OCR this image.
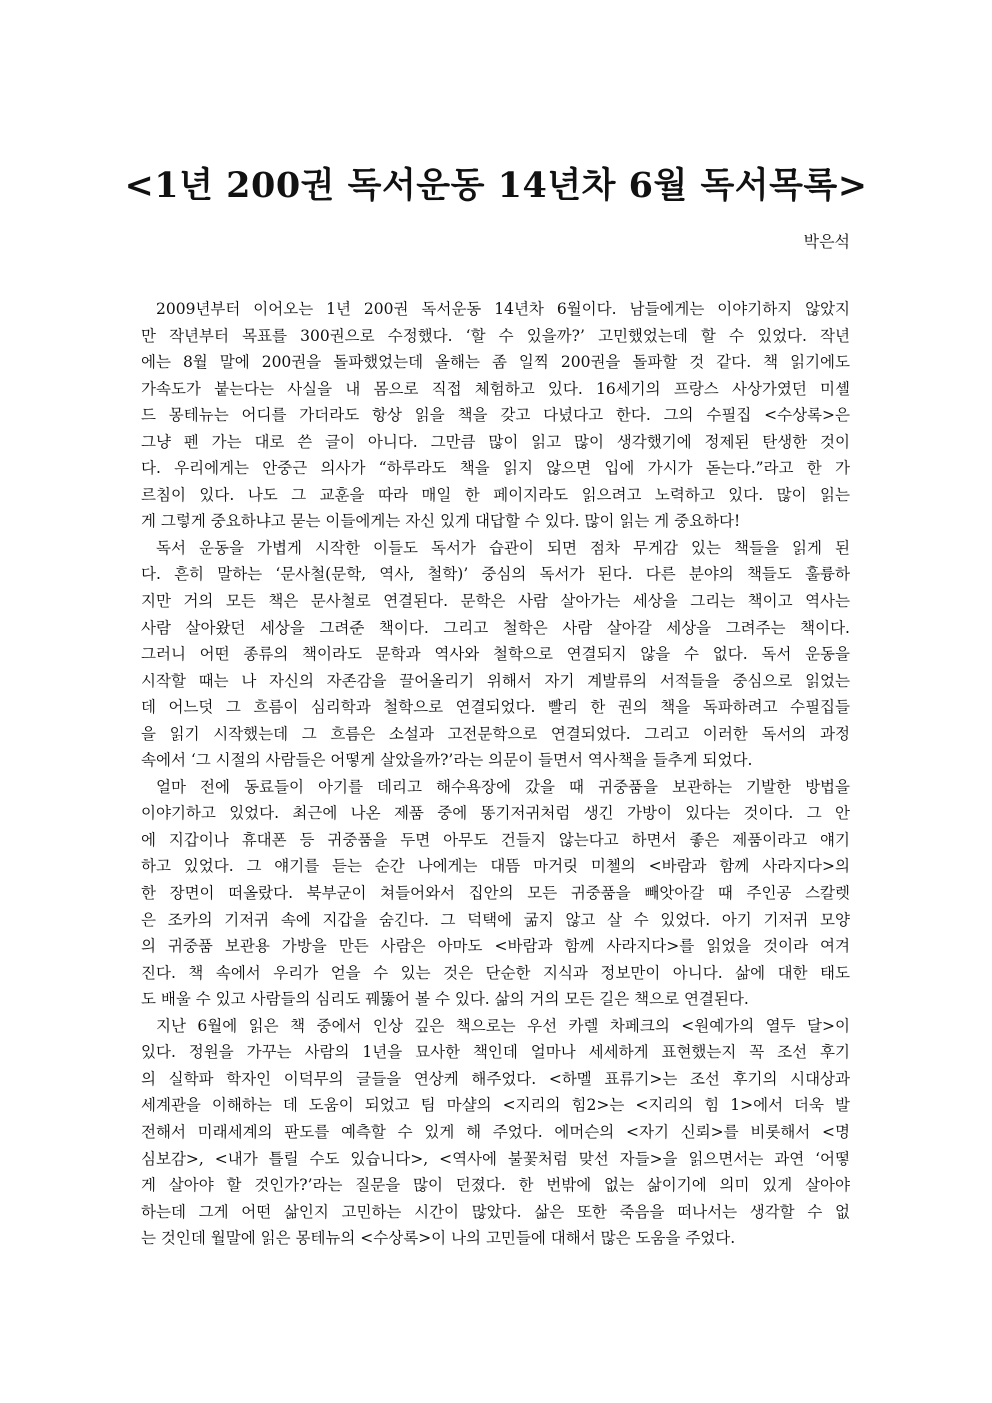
<1년 200권 독서운동 14년차 6월 독서목록>
박은석
2009년부터 이어오는 1년 200권 독서운동 14년차 6월이다. 남들에게는 이야기하지 않았지
만 작년부터 목표를 300권으로 수정했다. ‘할 수 있을까?’ 고민했었는데 할 수 있었다. 작년
에는 8월 말에 200권을 돌파했었는데 올해는 좀 일찍 200권을 돌파할 것 같다. 책 읽기에도
가속도가 붙는다는 사실을 내 몸으로 직접 체험하고 있다. 16세기의 프랑스 사상가였던 미셸
드 몽테뉴는 어디를 가더라도 항상 읽을 책을 갖고 다녔다고 한다. 그의 수필집 <수상록>은
그냥 펜 가는 대로 쓴 글이 아니다. 그만큼 많이 읽고 많이 생각했기에 정제된 탄생한 것이
다. 우리에게는 안중근 의사가 “하루라도 책을 읽지 않으면 입에 가시가 돋는다.”라고 한 가
르침이 있다. 나도 그 교훈을 따라 매일 한 페이지라도 읽으려고 노력하고 있다. 많이 읽는
게 그렇게 중요하냐고 묻는 이들에게는 자신 있게 대답할 수 있다. 많이 읽는 게 중요하다!
독서 운동을 가볍게 시작한 이들도 독서가 습관이 되면 점차 무게감 있는 책들을 읽게 된
다. 흔히 말하는 ‘문사철(문학, 역사, 철학)’ 중심의 독서가 된다. 다른 분야의 책들도 훌륭하
지만 거의 모든 책은 문사철로 연결된다. 문학은 사람 살아가는 세상을 그리는 책이고 역사는
사람 살아왔던 세상을 그려준 책이다. 그리고 철학은 사람 살아갈 세상을 그려주는 책이다.
그러니 어떤 종류의 책이라도 문학과 역사와 철학으로 연결되지 않을 수 없다. 독서 운동을
시작할 때는 나 자신의 자존감을 끌어올리기 위해서 자기 계발류의 서적들을 중심으로 읽었는
데 어느덧 그 흐름이 심리학과 철학으로 연결되었다. 빨리 한 권의 책을 독파하려고 수필집들
을 읽기 시작했는데 그 흐름은 소설과 고전문학으로 연결되었다. 그리고 이러한 독서의 과정
속에서 ‘그 시절의 사람들은 어떻게 살았을까?’라는 의문이 들면서 역사책을 들추게 되었다.
얼마 전에 동료들이 아기를 데리고 해수욕장에 갔을 때 귀중품을 보관하는 기발한 방법을
이야기하고 있었다. 최근에 나온 제품 중에 똥기저귀처럼 생긴 가방이 있다는 것이다. 그 안
에 지갑이나 휴대폰 등 귀중품을 두면 아무도 건들지 않는다고 하면서 좋은 제품이라고 얘기
하고 있었다. 그 얘기를 듣는 순간 나에게는 대뜸 마거릿 미첼의 <바람과 함께 사라지다>의
한 장면이 떠올랐다. 북부군이 쳐들어와서 집안의 모든 귀중품을 빼앗아갈 때 주인공 스칼렛
은 조카의 기저귀 속에 지갑을 숨긴다. 그 덕택에 굶지 않고 살 수 있었다. 아기 기저귀 모양
의 귀중품 보관용 가방을 만든 사람은 아마도 <바람과 함께 사라지다>를 읽었을 것이라 여겨
진다. 책 속에서 우리가 얻을 수 있는 것은 단순한 지식과 정보만이 아니다. 삶에 대한 태도
도 배울 수 있고 사람들의 심리도 꿰뚫어 볼 수 있다. 삶의 거의 모든 길은 책으로 연결된다.
지난 6월에 읽은 책 중에서 인상 깊은 책으로는 우선 카렐 차페크의 <원예가의 열두 달>이
있다. 정원을 가꾸는 사람의 1년을 묘사한 책인데 얼마나 세세하게 표현했는지 꼭 조선 후기
의 실학파 학자인 이덕무의 글들을 연상케 해주었다. <하멜 표류기>는 조선 후기의 시대상과
세계관을 이해하는 데 도움이 되었고 팀 마샬의 <지리의 힘2>는 <지리의 힘 1>에서 더욱 발
전해서 미래세계의 판도를 예측할 수 있게 해 주었다. 에머슨의 <자기 신뢰>를 비롯해서 <명
심보감>, <내가 틀릴 수도 있습니다>, <역사에 불꽃처럼 맞선 자들>을 읽으면서는 과연 ‘어떻
게 살아야 할 것인가?’라는 질문을 많이 던졌다. 한 번밖에 없는 삶이기에 의미 있게 살아야
하는데 그게 어떤 삶인지 고민하는 시간이 많았다. 삶은 또한 죽음을 떠나서는 생각할 수 없
는 것인데 월말에 읽은 몽테뉴의 <수상록>이 나의 고민들에 대해서 많은 도움을 주었다.
